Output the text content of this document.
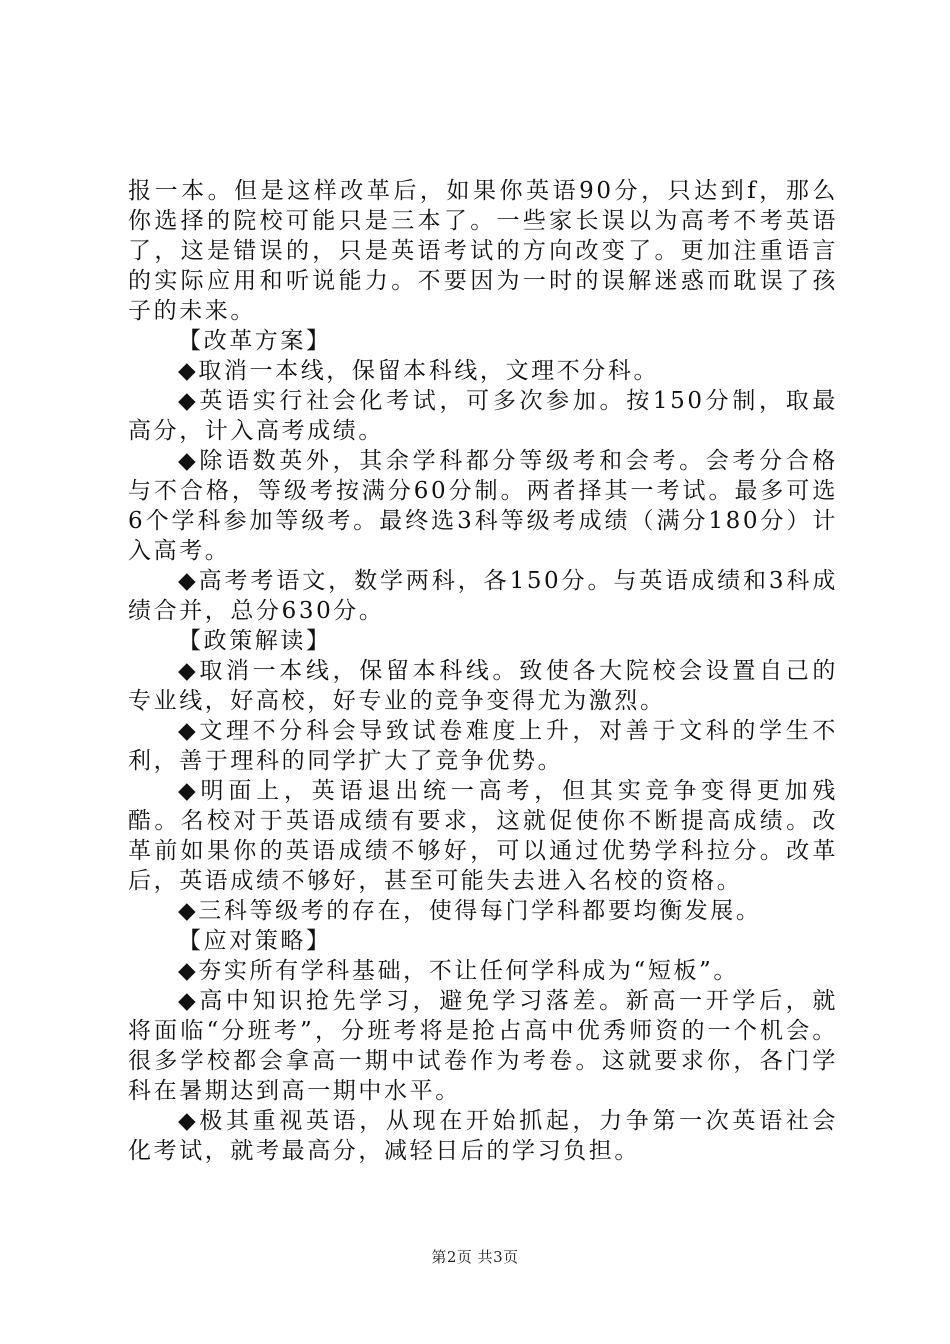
报一本。但是这样改革后，如果你英语90分，只达到f，那么你选择的院校可能只是三本了。一些家长误以为高考不考英语了，这是错误的，只是英语考试的方向改变了。更加注重语言的实际应用和听说能力。不要因为一时的误解迷惑而耽误了孩子的未来。

【改革方案】

◆取消一本线，保留本科线，文理不分科。

◆英语实行社会化考试，可多次参加。按150分制，取最高分，计入高考成绩。

◆除语数英外，其余学科都分等级考和会考。会考分合格与不合格，等级考按满分60分制。两者择其一考试。最多可选6个学科参加等级考。最终选3科等级考成绩（满分180分）计入高考。

◆高考考语文，数学两科，各150分。与英语成绩和3科成绩合并，总分630分。

【政策解读】

◆取消一本线，保留本科线。致使各大院校会设置自己的专业线，好高校，好专业的竞争变得尤为激烈。

◆文理不分科会导致试卷难度上升，对善于文科的学生不利，善于理科的同学扩大了竞争优势。

◆明面上，英语退出统一高考，但其实竞争变得更加残酷。名校对于英语成绩有要求，这就促使你不断提高成绩。改革前如果你的英语成绩不够好，可以通过优势学科拉分。改革后，英语成绩不够好，甚至可能失去进入名校的资格。

◆三科等级考的存在，使得每门学科都要均衡发展。

【应对策略】

◆夯实所有学科基础，不让任何学科成为“短板”。

◆高中知识抢先学习，避免学习落差。新高一开学后，就将面临“分班考”，分班考将是抢占高中优秀师资的一个机会。很多学校都会拿高一期中试卷作为考卷。这就要求你，各门学科在暑期达到高一期中水平。

◆极其重视英语，从现在开始抓起，力争第一次英语社会化考试，就考最高分，减轻日后的学习负担。

第2页 共3页
